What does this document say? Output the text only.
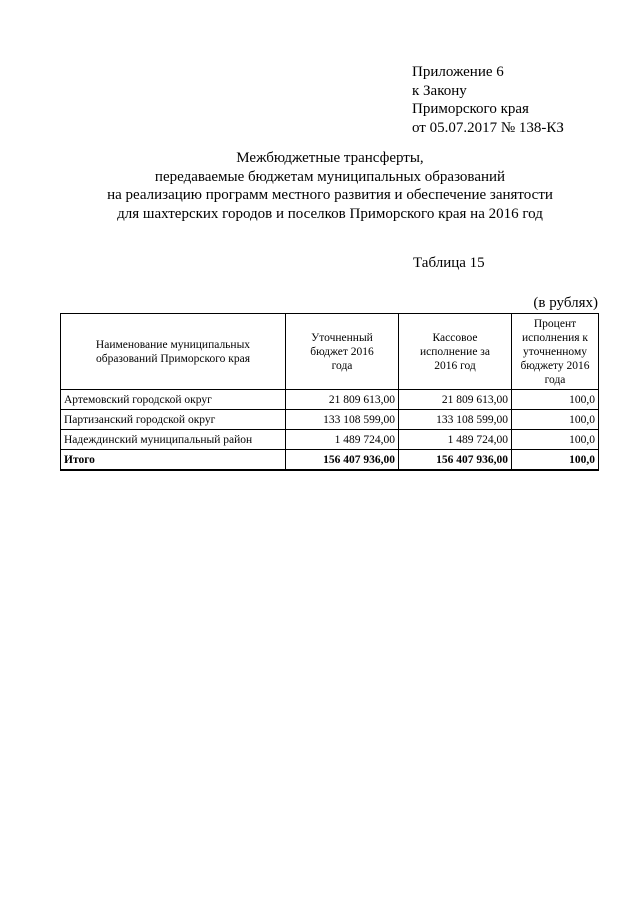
Приложение 6
к Закону
Приморского края
от 05.07.2017 № 138-КЗ
Межбюджетные трансферты,
передаваемые бюджетам муниципальных образований
на реализацию программ местного развития и обеспечение занятости
для шахтерских городов и поселков Приморского края на 2016 год
Таблица 15
(в рублях)
Наименование муниципальных образований Приморского края	Уточненный бюджет 2016 года	Кассовое исполнение за 2016 год	Процент исполнения к уточненному бюджету 2016 года
Артемовский городской округ	21 809 613,00	21 809 613,00	100,0
Партизанский городской округ	133 108 599,00	133 108 599,00	100,0
Надеждинский муниципальный район	1 489 724,00	1 489 724,00	100,0
Итого	156 407 936,00	156 407 936,00	100,0
